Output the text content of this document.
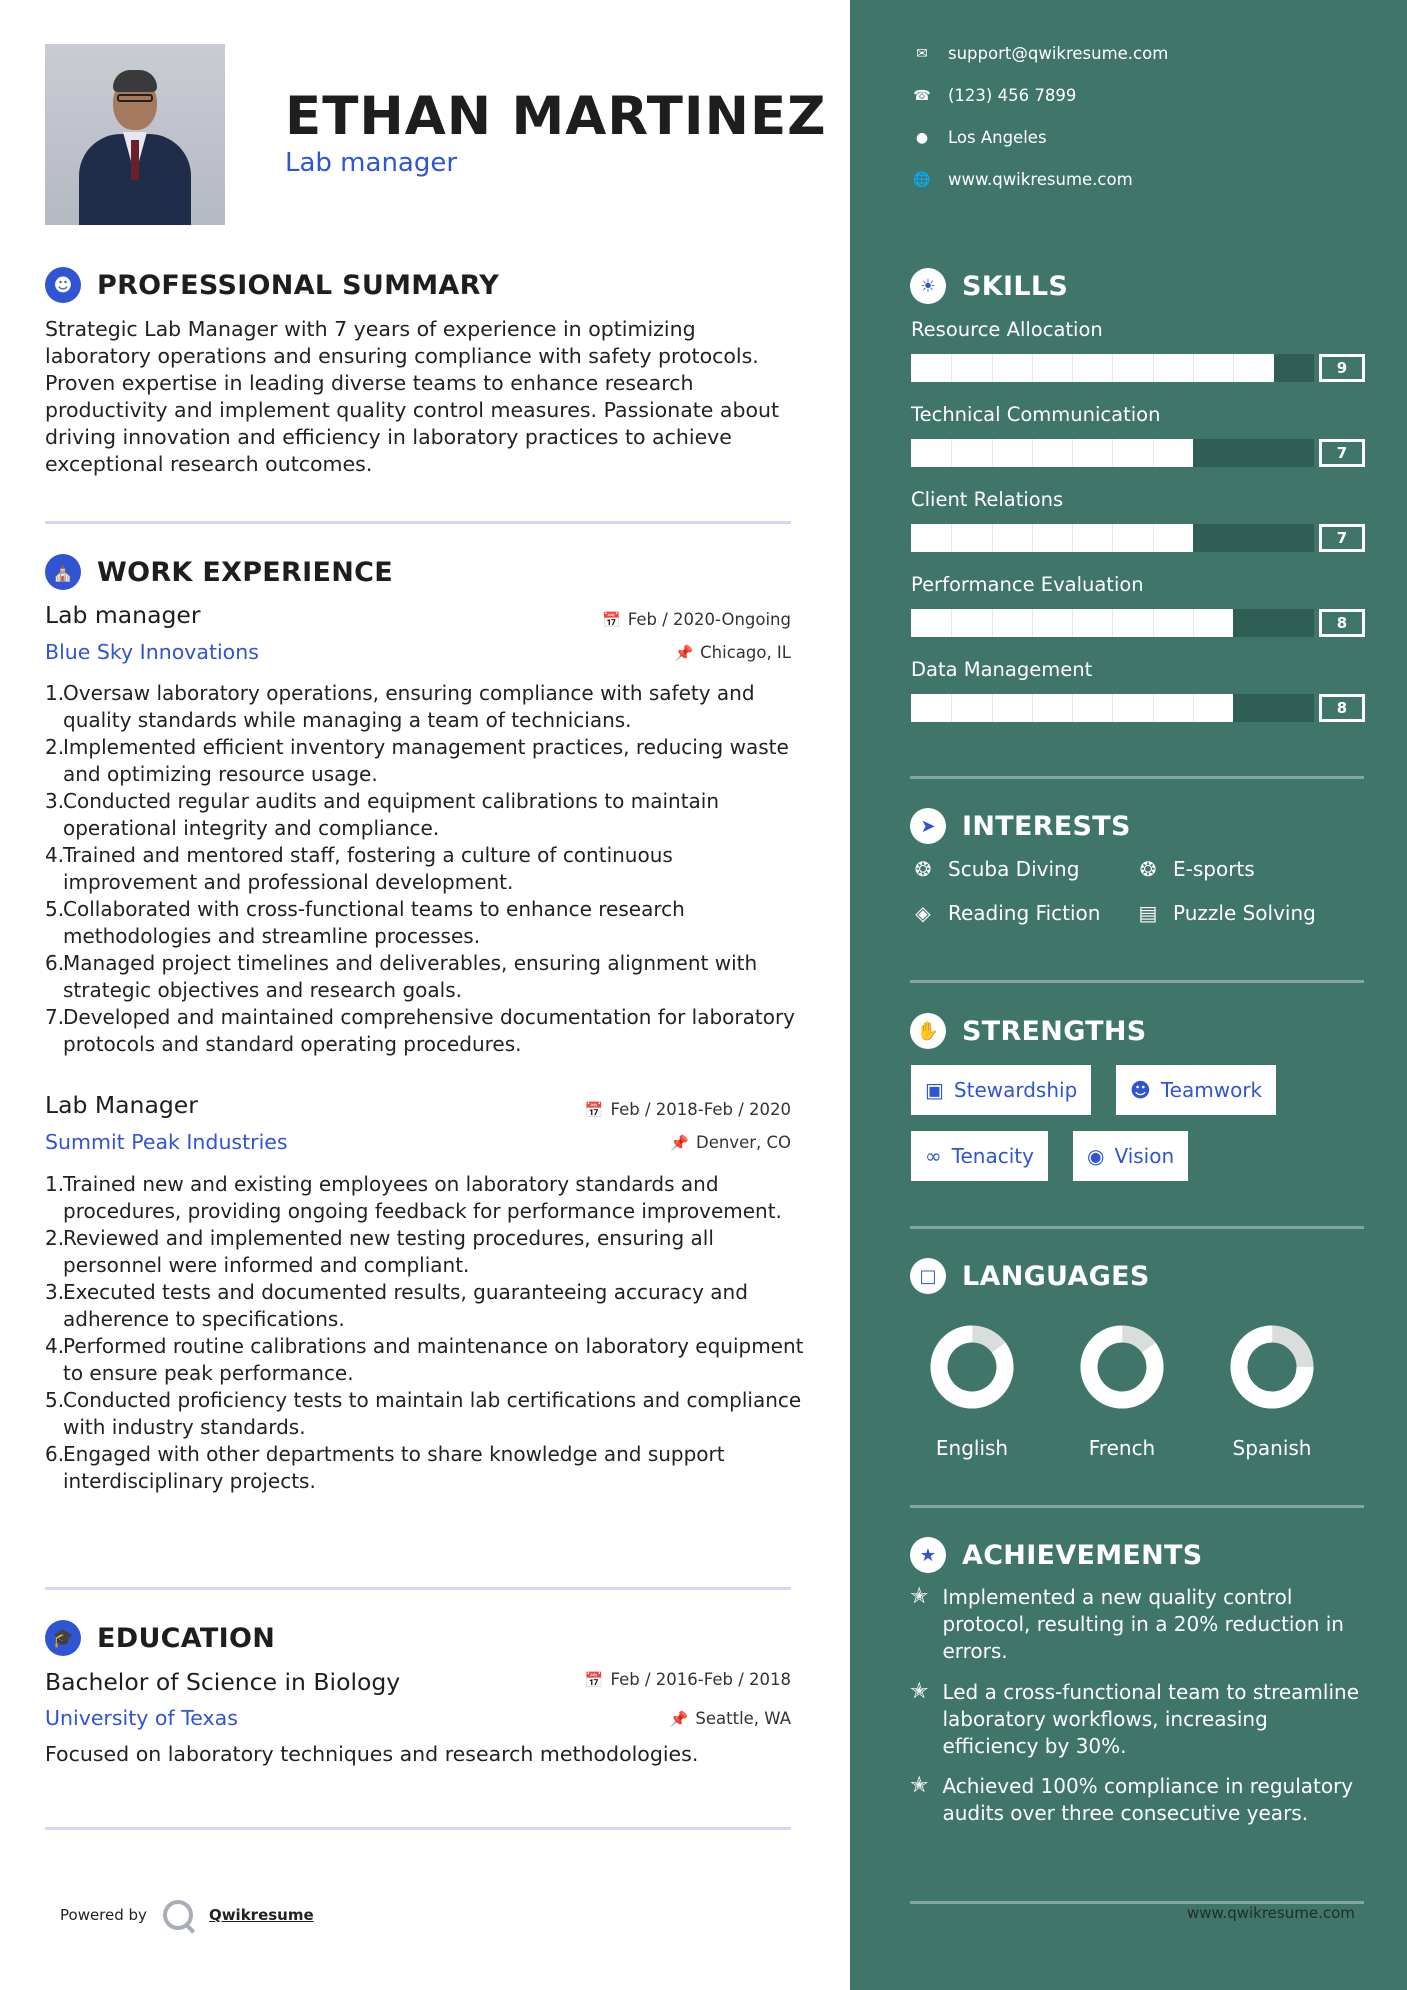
ETHAN MARTINEZ
Lab manager
☻ PROFESSIONAL SUMMARY
Strategic Lab Manager with 7 years of experience in optimizing laboratory operations and ensuring compliance with safety protocols. Proven expertise in leading diverse teams to enhance research productivity and implement quality control measures. Passionate about driving innovation and efficiency in laboratory practices to achieve exceptional research outcomes.
⛪ WORK EXPERIENCE
Lab manager	📅 Feb / 2020-Ongoing
Blue Sky Innovations	📌 Chicago, IL
1.
Oversaw laboratory operations, ensuring compliance with safety and quality standards while managing a team of technicians.
2.
Implemented efficient inventory management practices, reducing waste and optimizing resource usage.
3.
Conducted regular audits and equipment calibrations to maintain operational integrity and compliance.
4.
Trained and mentored staff, fostering a culture of continuous improvement and professional development.
5.
Collaborated with cross-functional teams to enhance research methodologies and streamline processes.
6.
Managed project timelines and deliverables, ensuring alignment with strategic objectives and research goals.
7.
Developed and maintained comprehensive documentation for laboratory protocols and standard operating procedures.
Lab Manager	📅 Feb / 2018-Feb / 2020
Summit Peak Industries	📌 Denver, CO
1.
Trained new and existing employees on laboratory standards and procedures, providing ongoing feedback for performance improvement.
2.
Reviewed and implemented new testing procedures, ensuring all personnel were informed and compliant.
3.
Executed tests and documented results, guaranteeing accuracy and adherence to specifications.
4.
Performed routine calibrations and maintenance on laboratory equipment to ensure peak performance.
5.
Conducted proficiency tests to maintain lab certifications and compliance with industry standards.
6.
Engaged with other departments to share knowledge and support interdisciplinary projects.
🎓 EDUCATION
Bachelor of Science in Biology	📅 Feb / 2016-Feb / 2018
University of Texas	📌 Seattle, WA
Focused on laboratory techniques and research methodologies.
Powered by	Qwikresume
✉ support@qwikresume.com
☎ (123) 456 7899
● Los Angeles
🌐 www.qwikresume.com
☀ SKILLS
Resource Allocation
9
Technical Communication
7
Client Relations
7
Performance Evaluation
8
Data Management
8
➤ INTERESTS
❂ Scuba Diving	❂ E-sports
◈ Reading Fiction ▤ Puzzle Solving
✋ STRENGTHS
▣ Stewardship	☻ Teamwork
∞ Tenacity	◉ Vision
□ LANGUAGES
English	French	Spanish
★ ACHIEVEMENTS
✭ Implemented a new quality control protocol, resulting in a 20% reduction in errors.
✭ Led a cross-functional team to streamline laboratory workflows, increasing efficiency by 30%.
✭ Achieved 100% compliance in regulatory audits over three consecutive years.
www.qwikresume.com
